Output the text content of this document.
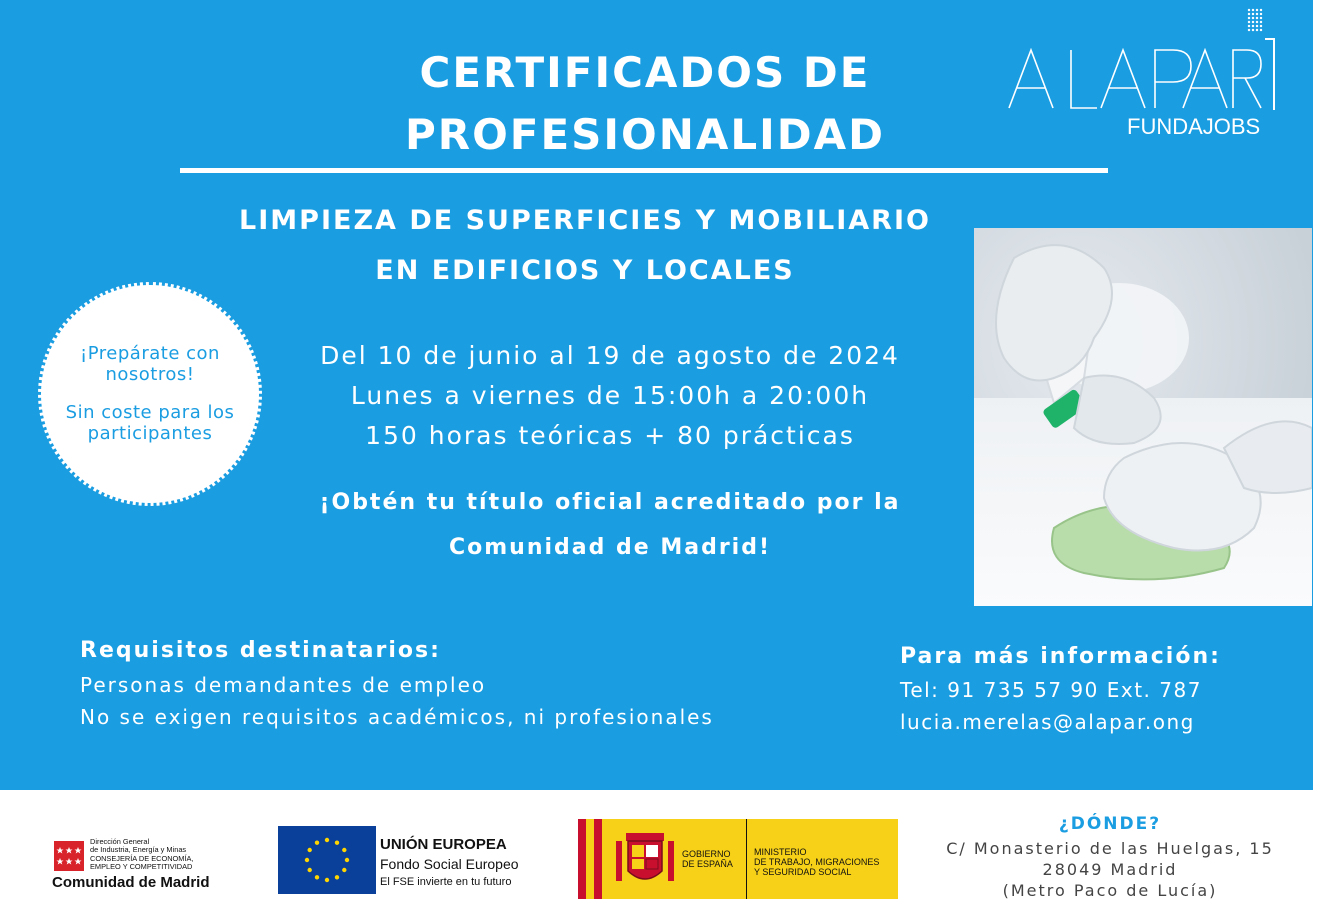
CERTIFICADOS DE
PROFESIONALIDAD	FUNDAJOBS
LIMPIEZA DE SUPERFICIES Y MOBILIARIO
EN EDIFICIOS Y LOCALES
¡Prepárate con nosotros!
Sin coste para los participantes
Del 10 de junio al 19 de agosto de 2024
Lunes a viernes de 15:00h a 20:00h
150 horas teóricas + 80 prácticas
¡Obtén tu título oficial acreditado por la
Comunidad de Madrid!
Requisitos destinatarios:
Personas demandantes de empleo
No se exigen requisitos académicos, ni profesionales
Para más información:
Tel: 91 735 57 90 Ext. 787
lucia.merelas@alapar.ong
Dirección General
de Industria, Energía y Minas
CONSEJERÍA DE ECONOMÍA,
EMPLEO Y COMPETITIVIDAD
Comunidad de Madrid
UNIÓN EUROPEA
Fondo Social Europeo
El FSE invierte en tu futuro
GOBIERNO
DE ESPAÑA
MINISTERIO
DE TRABAJO, MIGRACIONES
Y SEGURIDAD SOCIAL
¿DÓNDE?
C/ Monasterio de las Huelgas, 15
28049 Madrid
(Metro Paco de Lucía)
